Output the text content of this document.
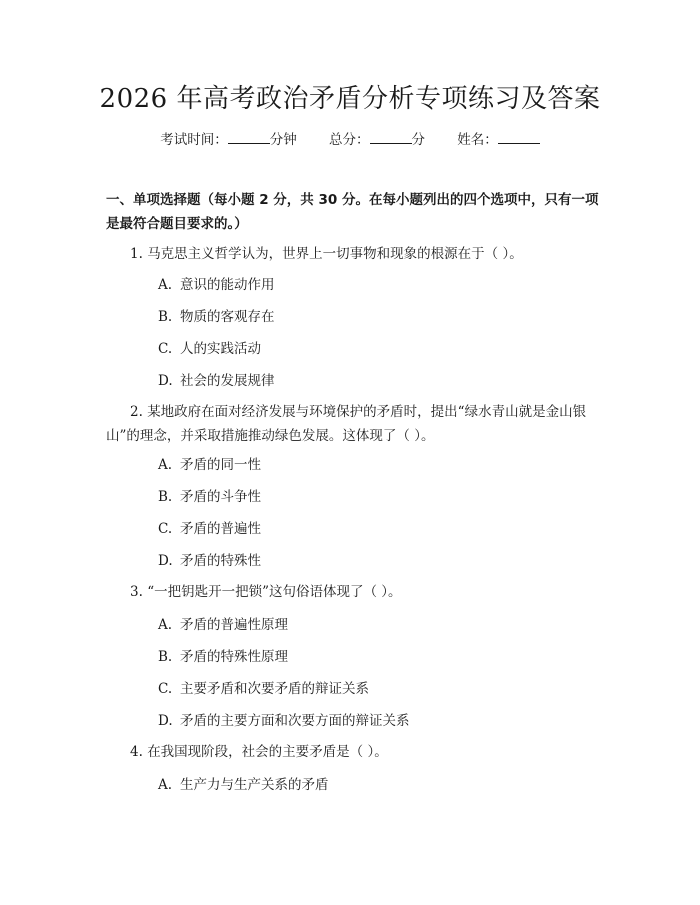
2026 年高考政治矛盾分析专项练习及答案
考试时间：	分钟 总分：	分 姓名：
一、单项选择题（每小题 2 分，共 30 分。在每小题列出的四个选项中，只有一项是最符合题目要求的。）
1. 马克思主义哲学认为，世界上一切事物和现象的根源在于（ ）。
A. 意识的能动作用
B. 物质的客观存在
C. 人的实践活动
D. 社会的发展规律
2. 某地政府在面对经济发展与环境保护的矛盾时，提出“绿水青山就是金山银山”的理念，并采取措施推动绿色发展。这体现了（ ）。
A. 矛盾的同一性
B. 矛盾的斗争性
C. 矛盾的普遍性
D. 矛盾的特殊性
3. “一把钥匙开一把锁”这句俗语体现了（ ）。
A. 矛盾的普遍性原理
B. 矛盾的特殊性原理
C. 主要矛盾和次要矛盾的辩证关系
D. 矛盾的主要方面和次要方面的辩证关系
4. 在我国现阶段，社会的主要矛盾是（ ）。
A. 生产力与生产关系的矛盾
